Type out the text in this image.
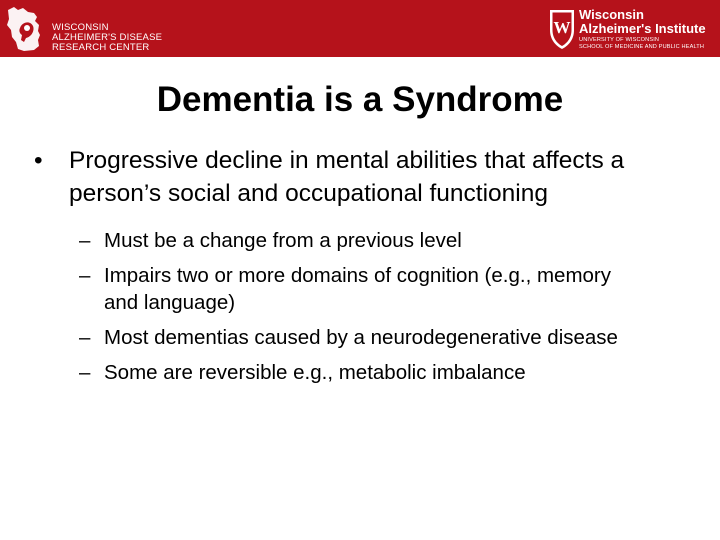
WISCONSIN
ALZHEIMER'S DISEASE
RESEARCH CENTER
W
Wisconsin
Alzheimer's Institute
UNIVERSITY OF WISCONSIN
SCHOOL OF MEDICINE AND PUBLIC HEALTH
Dementia is a Syndrome
• Progressive decline in mental abilities that affects a person’s social and occupational functioning
– Must be a change from a previous level
– Impairs two or more domains of cognition (e.g., memory and language)
– Most dementias caused by a neurodegenerative disease
– Some are reversible e.g., metabolic imbalance
